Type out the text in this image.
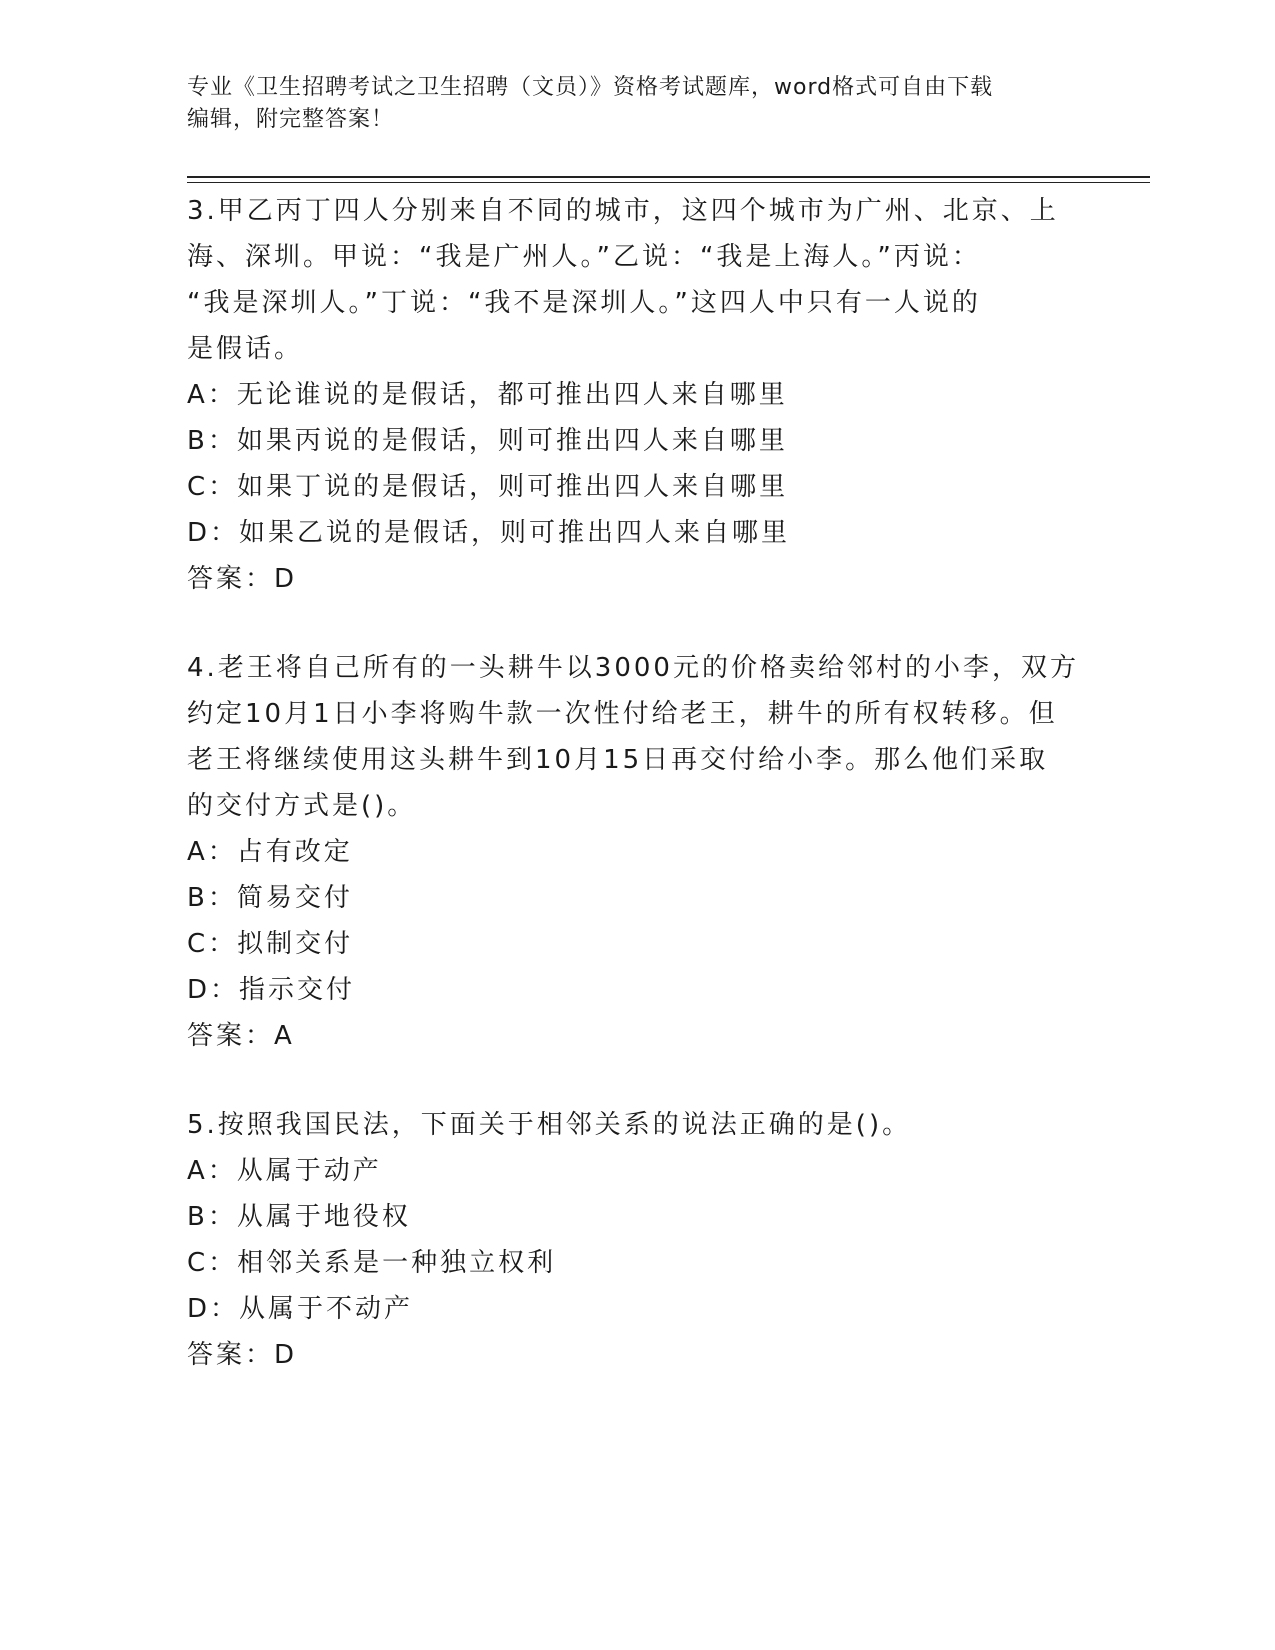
专业《卫生招聘考试之卫生招聘（文员）》资格考试题库，word格式可自由下载
编辑，附完整答案！

3.甲乙丙丁四人分别来自不同的城市，这四个城市为广州、北京、上

海、深圳。甲说：“我是广州人。”乙说：“我是上海人。”丙说：

“我是深圳人。”丁说：“我不是深圳人。”这四人中只有一人说的

是假话。

A：无论谁说的是假话，都可推出四人来自哪里

B：如果丙说的是假话，则可推出四人来自哪里

C：如果丁说的是假话，则可推出四人来自哪里

D：如果乙说的是假话，则可推出四人来自哪里

答案：D

4.老王将自己所有的一头耕牛以3000元的价格卖给邻村的小李，双方

约定10月1日小李将购牛款一次性付给老王，耕牛的所有权转移。但

老王将继续使用这头耕牛到10月15日再交付给小李。那么他们采取

的交付方式是()。

A：占有改定

B：简易交付

C：拟制交付

D：指示交付

答案：A

5.按照我国民法，下面关于相邻关系的说法正确的是()。

A：从属于动产

B：从属于地役权

C：相邻关系是一种独立权利

D：从属于不动产

答案：D
